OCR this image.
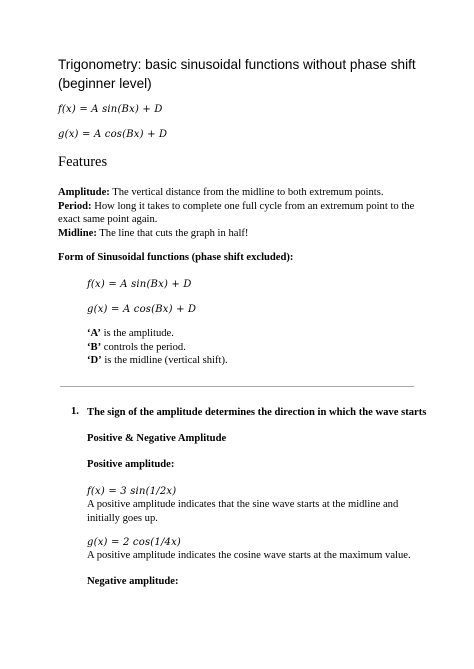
Trigonometry: basic sinusoidal functions without phase shift (beginner level)
f(x) = A sin(Bx) + D
g(x) = A cos(Bx) + D
Features
Amplitude: The vertical distance from the midline to both extremum points.
Period: How long it takes to complete one full cycle from an extremum point to the exact same point again.
Midline: The line that cuts the graph in half!
Form of Sinusoidal functions (phase shift excluded):
f(x) = A sin(Bx) + D
g(x) = A cos(Bx) + D
‘A’ is the amplitude.
‘B’ controls the period.
‘D’ is the midline (vertical shift).
1. The sign of the amplitude determines the direction in which the wave starts
Positive & Negative Amplitude
Positive amplitude:
f(x) = 3 sin(1/2x)
A positive amplitude indicates that the sine wave starts at the midline and initially goes up.
g(x) = 2 cos(1/4x)
A positive amplitude indicates the cosine wave starts at the maximum value.
Negative amplitude:
